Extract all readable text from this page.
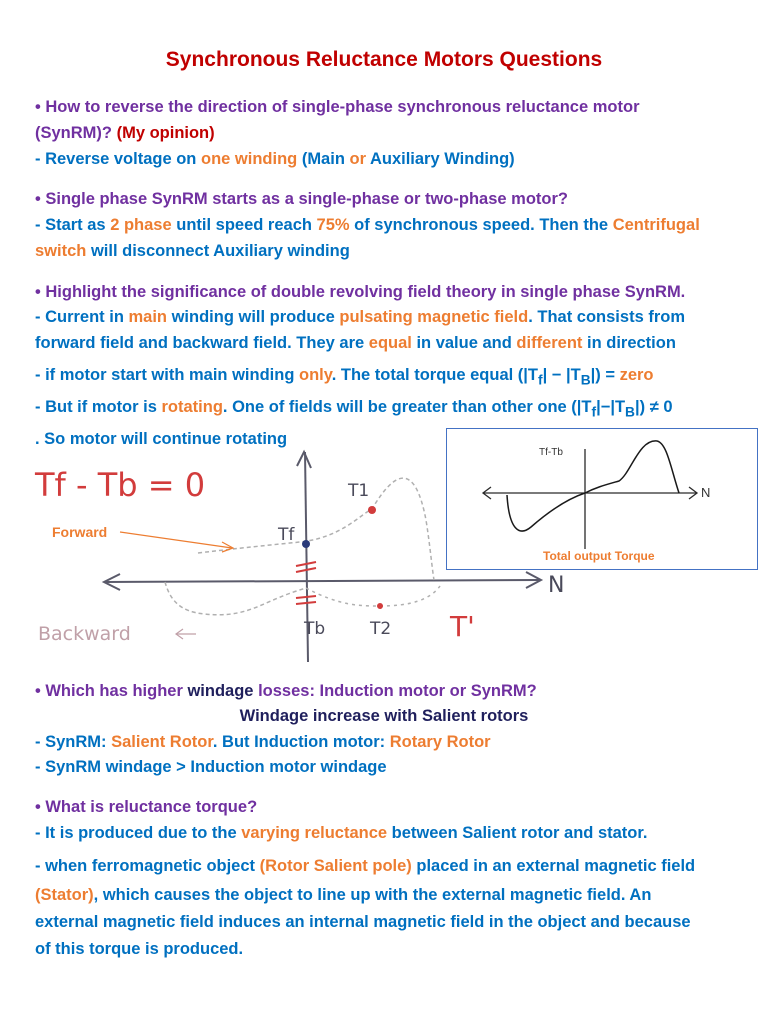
Synchronous Reluctance Motors Questions
• How to reverse the direction of single-phase synchronous reluctance motor
(SynRM)? (My opinion)
- Reverse voltage on one winding (Main or Auxiliary Winding)
• Single phase SynRM starts as a single-phase or two-phase motor?
- Start as 2 phase until speed reach 75% of synchronous speed. Then the Centrifugal
switch will disconnect Auxiliary winding
• Highlight the significance of double revolving field theory in single phase SynRM.
- Current in main winding will produce pulsating magnetic field. That consists from
forward field and backward field. They are equal in value and different in direction
- if motor start with main winding only. The total torque equal $(|T_f| - |T_B|)$ = zero
- But if motor is rotating. One of fields will be greater than other one $(|T_f|-|T_B|) \ne 0$
. So motor will continue rotating
Tf - Tb = 0
N
T1
Tf
Tb	T2 T'
Forward
Backward
Tf-Tb
N
Total output Torque
• Which has higher windage losses: Induction motor or SynRM?
Windage increase with Salient rotors
- SynRM: Salient Rotor. But Induction motor: Rotary Rotor
- SynRM windage > Induction motor windage
• What is reluctance torque?
- It is produced due to the varying reluctance between Salient rotor and stator.
- when ferromagnetic object (Rotor Salient pole) placed in an external magnetic field
(Stator), which causes the object to line up with the external magnetic field. An
external magnetic field induces an internal magnetic field in the object and because
of this torque is produced.
